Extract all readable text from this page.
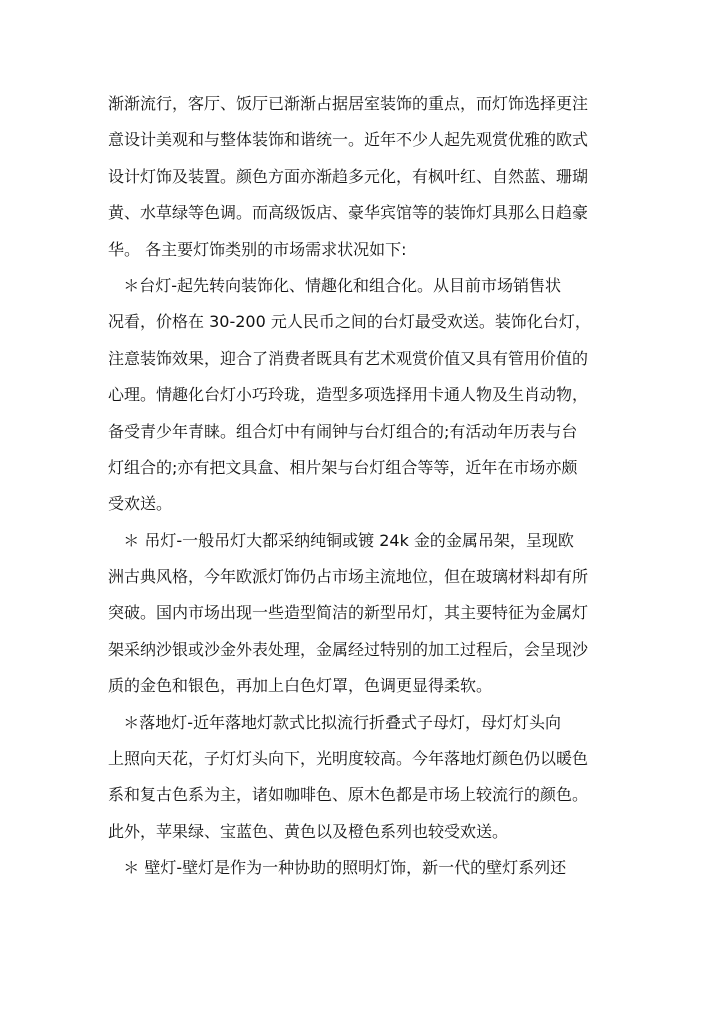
渐渐流行，客厅、饭厅已渐渐占据居室装饰的重点，而灯饰选择更注
意设计美观和与整体装饰和谐统一。近年不少人起先观赏优雅的欧式
设计灯饰及装置。颜色方面亦渐趋多元化，有枫叶红、自然蓝、珊瑚
黄、水草绿等色调。而高级饭店、豪华宾馆等的装饰灯具那么日趋豪
华。 各主要灯饰类别的市场需求状况如下:
＊台灯-起先转向装饰化、情趣化和组合化。从目前市场销售状
况看，价格在 30-200 元人民币之间的台灯最受欢送。装饰化台灯，
注意装饰效果，迎合了消费者既具有艺术观赏价值又具有管用价值的
心理。情趣化台灯小巧玲珑，造型多项选择用卡通人物及生肖动物，
备受青少年青睐。组合灯中有闹钟与台灯组合的;有活动年历表与台
灯组合的;亦有把文具盒、相片架与台灯组合等等，近年在市场亦颇
受欢送。
＊ 吊灯-一般吊灯大都采纳纯铜或镀 24k 金的金属吊架，呈现欧
洲古典风格，今年欧派灯饰仍占市场主流地位，但在玻璃材料却有所
突破。国内市场出现一些造型简洁的新型吊灯，其主要特征为金属灯
架采纳沙银或沙金外表处理，金属经过特别的加工过程后，会呈现沙
质的金色和银色，再加上白色灯罩，色调更显得柔软。
＊落地灯-近年落地灯款式比拟流行折叠式子母灯，母灯灯头向
上照向天花，子灯灯头向下，光明度较高。今年落地灯颜色仍以暖色
系和复古色系为主，诸如咖啡色、原木色都是市场上较流行的颜色。
此外，苹果绿、宝蓝色、黄色以及橙色系列也较受欢送。
＊ 壁灯-壁灯是作为一种协助的照明灯饰，新一代的壁灯系列还
